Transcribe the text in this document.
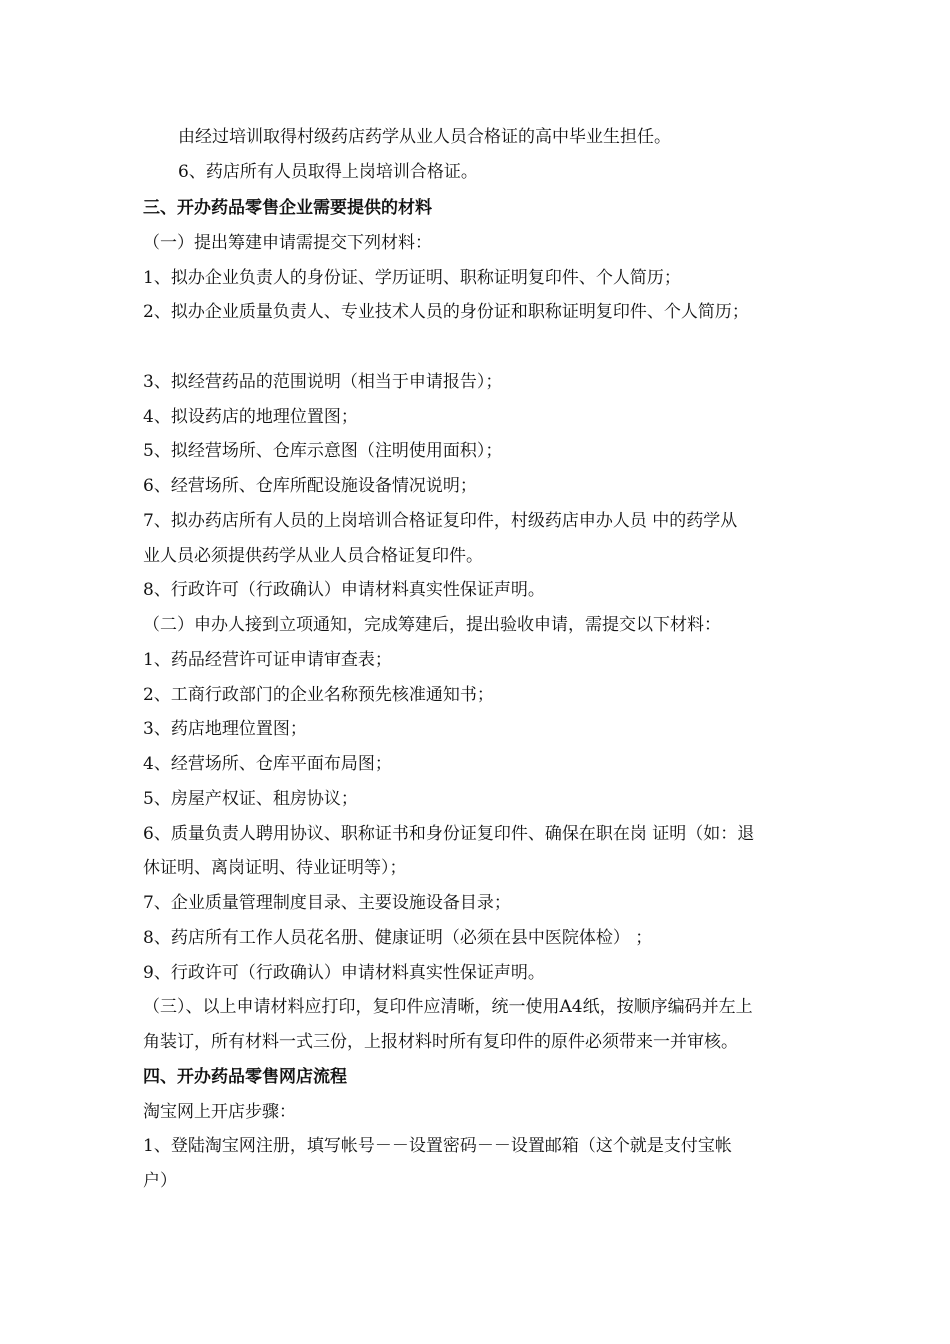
由经过培训取得村级药店药学从业人员合格证的高中毕业生担任。
6、药店所有人员取得上岗培训合格证。
三、开办药品零售企业需要提供的材料
（一）提出筹建申请需提交下列材料：
1、拟办企业负责人的身份证、学历证明、职称证明复印件、个人简历；
2、拟办企业质量负责人、专业技术人员的身份证和职称证明复印件、个人简历；
3、拟经营药品的范围说明（相当于申请报告）；
4、拟设药店的地理位置图；
5、拟经营场所、仓库示意图（注明使用面积）；
6、经营场所、仓库所配设施设备情况说明；
7、拟办药店所有人员的上岗培训合格证复印件，村级药店申办人员 中的药学从
业人员必须提供药学从业人员合格证复印件。
8、行政许可（行政确认）申请材料真实性保证声明。
（二）申办人接到立项通知，完成筹建后，提出验收申请，需提交以下材料：
1、药品经营许可证申请审查表；
2、工商行政部门的企业名称预先核准通知书；
3、药店地理位置图；
4、经营场所、仓库平面布局图；
5、房屋产权证、租房协议；
6、质量负责人聘用协议、职称证书和身份证复印件、确保在职在岗 证明（如：退
休证明、离岗证明、待业证明等）；
7、企业质量管理制度目录、主要设施设备目录；
8、药店所有工作人员花名册、健康证明（必须在县中医院体检） ；
9、行政许可（行政确认）申请材料真实性保证声明。
（三）、以上申请材料应打印，复印件应清晰，统一使用A4纸，按顺序编码并左上
角装订，所有材料一式三份，上报材料时所有复印件的原件必须带来一并审核。
四、开办药品零售网店流程
淘宝网上开店步骤：
1、登陆淘宝网注册，填写帐号－－设置密码－－设置邮箱（这个就是支付宝帐
户）
